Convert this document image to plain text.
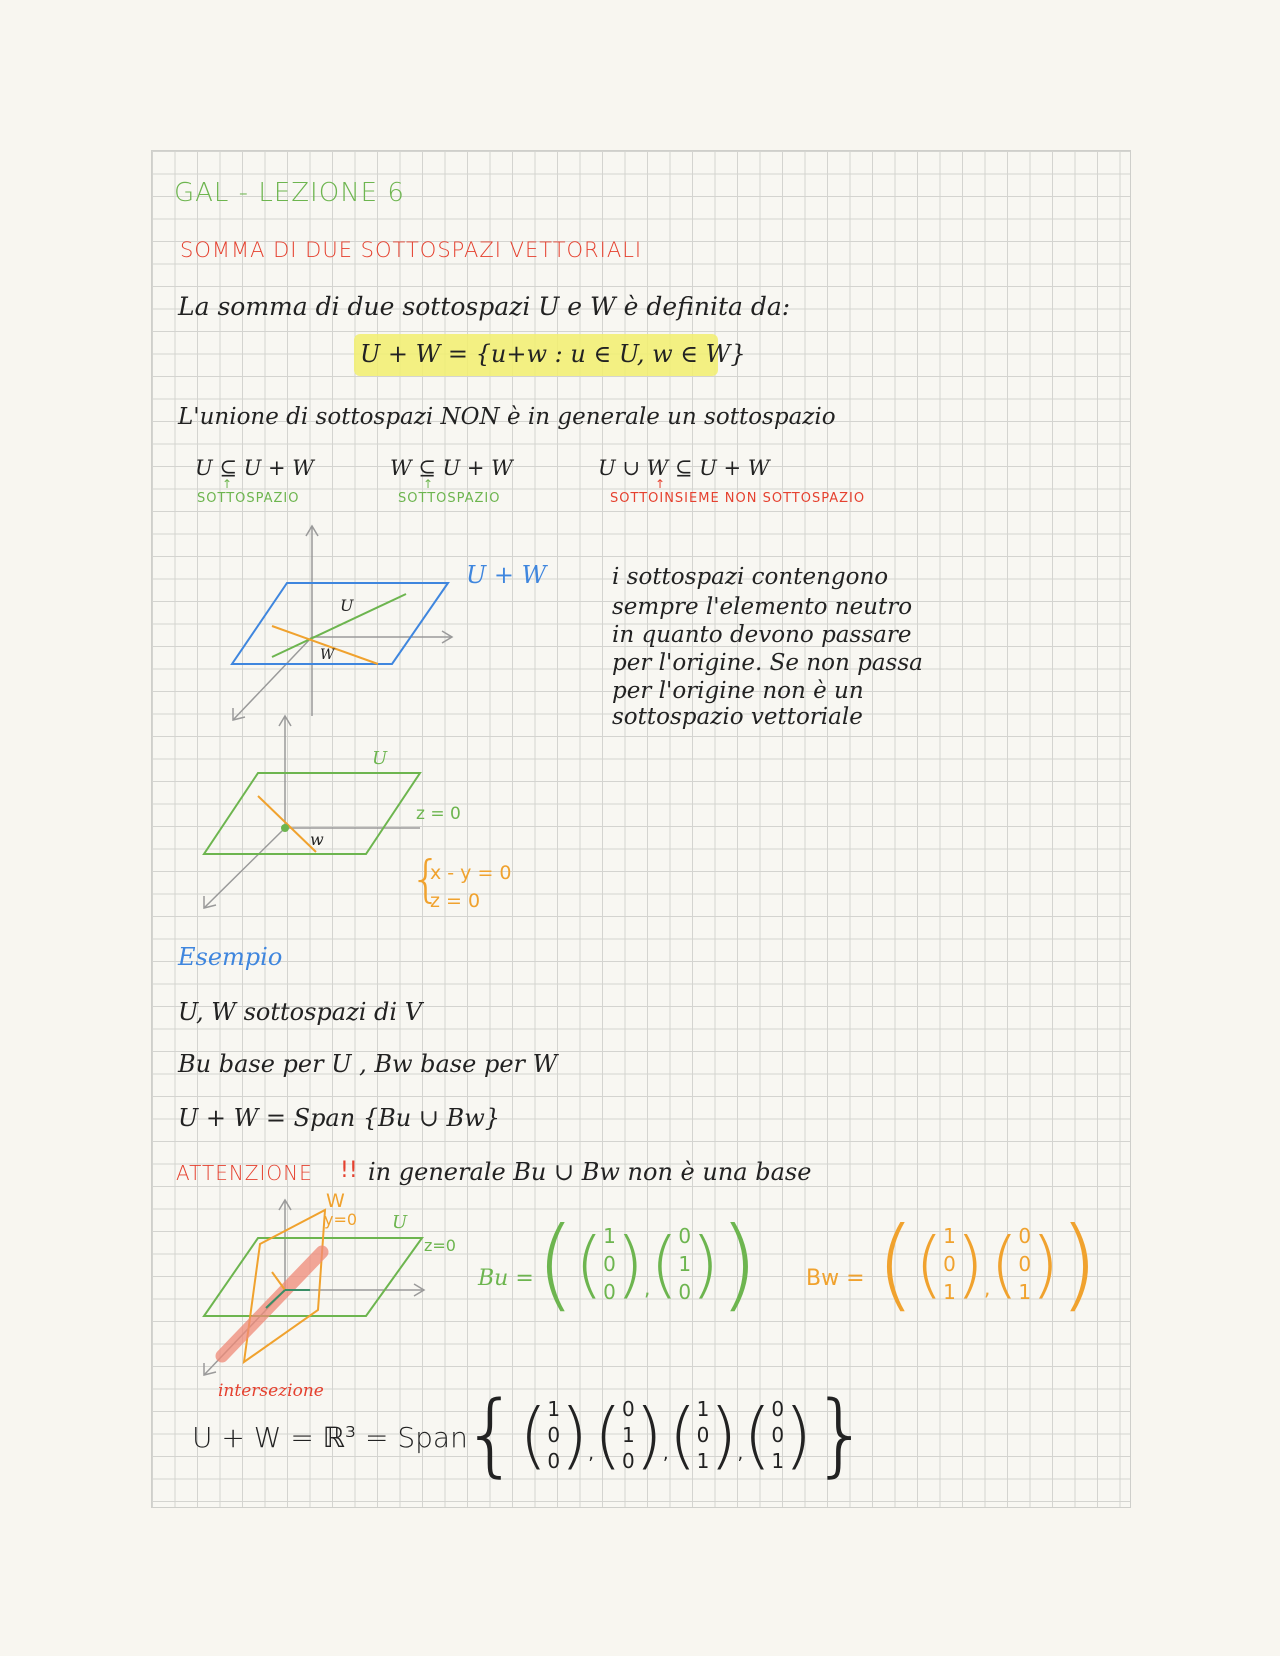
GAL - LEZIONE 6
SOMMA DI DUE SOTTOSPAZI VETTORIALI
La somma di due sottospazi U e W è definita da:
U + W = {u+w : u ∈ U, w ∈ W}
L'unione di sottospazi NON è in generale un sottospazio
U ⊆ U + W
↑
SOTTOSPAZIO
W ⊆ U + W
↑
SOTTOSPAZIO
U ∪ W ⊆ U + W
↑
SOTTOINSIEME NON SOTTOSPAZIO
U + W
U
W
i sottospazi contengono
sempre l'elemento neutro
in quanto devono passare
per l'origine. Se non passa
per l'origine non è un
sottospazio vettoriale
U
w
z = 0
{
x - y = 0
z = 0
Esempio
U, W sottospazi di V
Bu base per U , Bw base per W
U + W = Span {Bu ∪ Bw}
ATTENZIONE !! in generale Bu ∪ Bw non è una base
W
y=0 U
z=0
intersezione
Bu = ( ( 1
0
0 ) , ( 0
1
0 ) ) Bw = ( ( 1
0
1 ) , ( 0
0
1 ) )
U + W = ℝ³ = Span
{ ( 1
0
0 ) , ( 0
1
0 ) , ( 1
0
1 ) , ( 0
0
1 ) }
